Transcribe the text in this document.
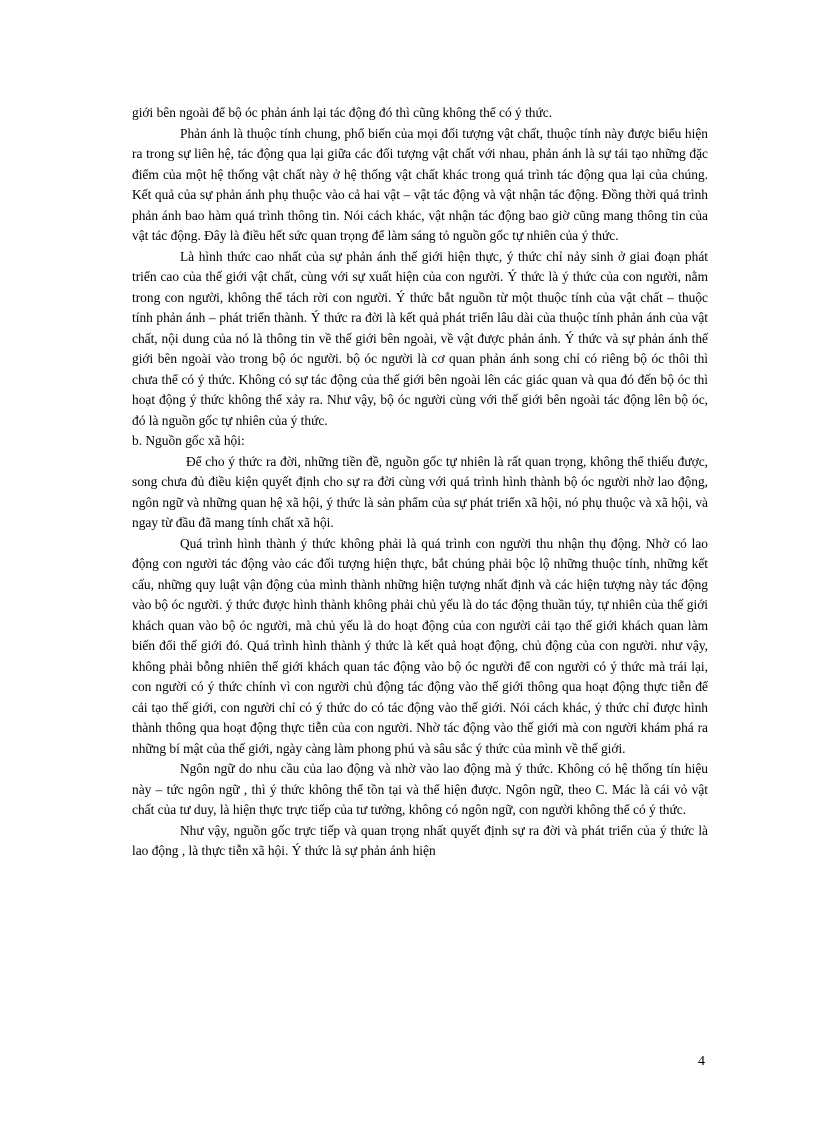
giới bên ngoài để bộ óc phản ánh lại tác động đó thì cũng không thể có ý thức.

Phản ánh là thuộc tính chung, phổ biến của mọi đối tượng vật chất, thuộc tính này được biểu hiện ra trong sự liên hệ, tác động qua lại giữa các đối tượng vật chất với nhau, phản ánh là sự tái tạo những đặc điểm của một hệ thống vật chất này ở hệ thống vật chất khác trong quá trình tác động qua lại của chúng. Kết quả của sự phản ánh phụ thuộc vào cả hai vật – vật tác động và vật nhận tác động. Đồng thời quá trình phản ánh bao hàm quá trình thông tin. Nói cách khác, vật nhận tác động bao giờ cũng mang thông tin của vật tác động. Đây là điều hết sức quan trọng để làm sáng tỏ nguồn gốc tự nhiên của ý thức.

Là hình thức cao nhất của sự phản ánh thế giới hiện thực, ý thức chỉ nảy sinh ở giai đoạn phát triển cao của thế giới vật chất, cùng với sự xuất hiện của con người. Ý thức là ý thức của con người, nằm trong con người, không thể tách rời con người. Ý thức bắt nguồn từ một thuộc tính của vật chất – thuộc tính phản ánh – phát triển thành. Ý thức ra đời là kết quả phát triển lâu dài của thuộc tính phản ánh của vật chất, nội dung của nó là thông tin về thế giới bên ngoài, về vật được phản ánh. Ý thức và sự phản ánh thế giới bên ngoài vào trong bộ óc người. bộ óc người là cơ quan phản ánh song chỉ có riêng bộ óc thôi thì chưa thể có ý thức. Không có sự tác động của thế giới bên ngoài lên các giác quan và qua đó đến bộ óc thì hoạt động ý thức không thể xảy ra. Như vậy, bộ óc người cùng với thế giới bên ngoài tác động lên bộ óc, đó là nguồn gốc tự nhiên của ý thức.

b. Nguồn gốc xã hội:

Để cho ý thức ra đời, những tiền đề, nguồn gốc tự nhiên là rất quan trọng, không thể thiếu được, song chưa đủ điều kiện quyết định cho sự ra đời cùng với quá trình hình thành bộ óc người nhờ lao động, ngôn ngữ và những quan hệ xã hội, ý thức là sản phẩm của sự phát triển xã hội, nó phụ thuộc và xã hội, và ngay từ đầu đã mang tính chất xã hội.

Quá trình hình thành ý thức không phải là quá trình con người thu nhận thụ động. Nhờ có lao động con người tác động vào các đối tượng hiện thực, bắt chúng phải bộc lộ những thuộc tính, những kết cấu, những quy luật vận động của mình thành những hiện tượng nhất định và các hiện tượng này tác động vào bộ óc người. ý thức được hình thành không phải chủ yếu là do tác động thuần túy, tự nhiên của thế giới khách quan vào bộ óc người, mà chủ yếu là do hoạt động của con người cải tạo thế giới khách quan làm biến đổi thế giới đó. Quá trình hình thành ý thức là kết quả hoạt động, chủ động của con người. như vậy, không phải bỗng nhiên thế giới khách quan tác động vào bộ óc người để con người có ý thức mà trái lại, con người có ý thức chính vì con người chủ động tác động vào thế giới thông qua hoạt động thực tiễn để cải tạo thế giới, con người chỉ có ý thức do có tác động vào thế giới. Nói cách khác, ý thức chỉ được hình thành thông qua hoạt động thực tiễn của con người. Nhờ tác động vào thế giới mà con người khám phá ra những bí mật của thế giới, ngày càng làm phong phú và sâu sắc ý thức của mình về thế giới.

Ngôn ngữ do nhu cầu của lao động và nhờ vào lao động mà ý thức. Không có hệ thống tín hiệu này – tức ngôn ngữ , thì ý thức không thể tồn tại và thể hiện được. Ngôn ngữ, theo C. Mác là cái vỏ vật chất của tư duy, là hiện thực trực tiếp của tư tưởng, không có ngôn ngữ, con người không thể có ý thức.

Như vậy, nguồn gốc trực tiếp và quan trọng nhất quyết định sự ra đời và phát triển của ý thức là lao động , là thực tiễn xã hội. Ý thức là sự phản ánh hiện

4
